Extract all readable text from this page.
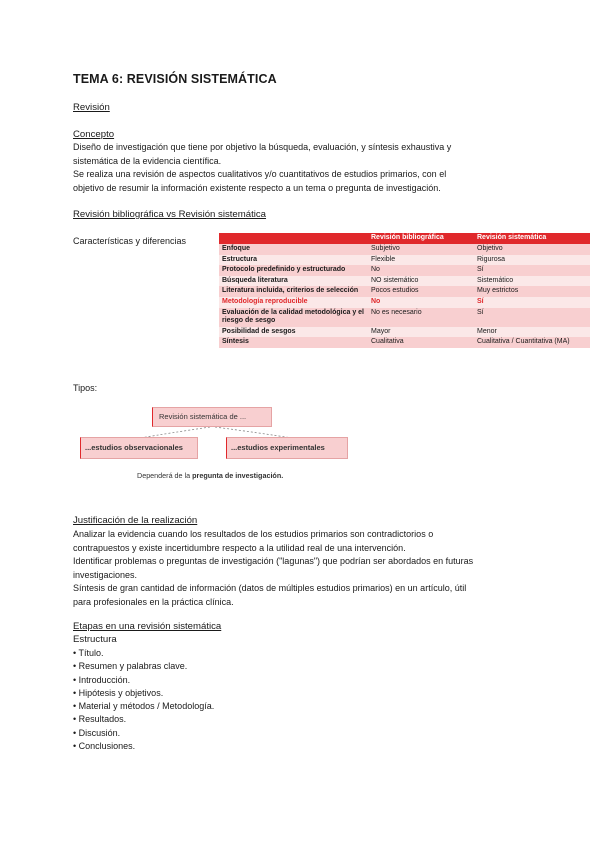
TEMA 6: REVISIÓN SISTEMÁTICA
Revisión
Concepto
Diseño de investigación que tiene por objetivo la búsqueda, evaluación, y síntesis exhaustiva y
sistemática de la evidencia científica.
Se realiza una revisión de aspectos cualitativos y/o cuantitativos de estudios primarios, con el
objetivo de resumir la información existente respecto a un tema o pregunta de investigación.
Revisión bibliográfica vs Revisión sistemática
Características y diferencias
		Revisión bibliográfica	Revisión sistemática
Enfoque	Subjetivo	Objetivo
Estructura	Flexible	Rigurosa
Protocolo predefinido y estructurado	No	Sí
Búsqueda literatura	NO sistemático	Sistemático
Literatura incluida, criterios de selección	Pocos estudios	Muy estrictos
Metodología reproducible	No	Sí
Evaluación de la calidad metodológica y el riesgo de sesgo	No es necesario	Sí
Posibilidad de sesgos	Mayor	Menor
Síntesis	Cualitativa	Cualitativa / Cuantitativa (MA)
Tipos:
Revisión sistemática de ...
...estudios observacionales	...estudios experimentales
Dependerá de la pregunta de investigación.
Justificación de la realización
Analizar la evidencia cuando los resultados de los estudios primarios son contradictorios o
contrapuestos y existe incertidumbre respecto a la utilidad real de una intervención.
Identificar problemas o preguntas de investigación ("lagunas") que podrían ser abordados en futuras
investigaciones.
Síntesis de gran cantidad de información (datos de múltiples estudios primarios) en un artículo, útil
para profesionales en la práctica clínica.
Etapas en una revisión sistemática
Estructura
• Título.
• Resumen y palabras clave.
• Introducción.
• Hipótesis y objetivos.
• Material y métodos / Metodología.
• Resultados.
• Discusión.
• Conclusiones.
